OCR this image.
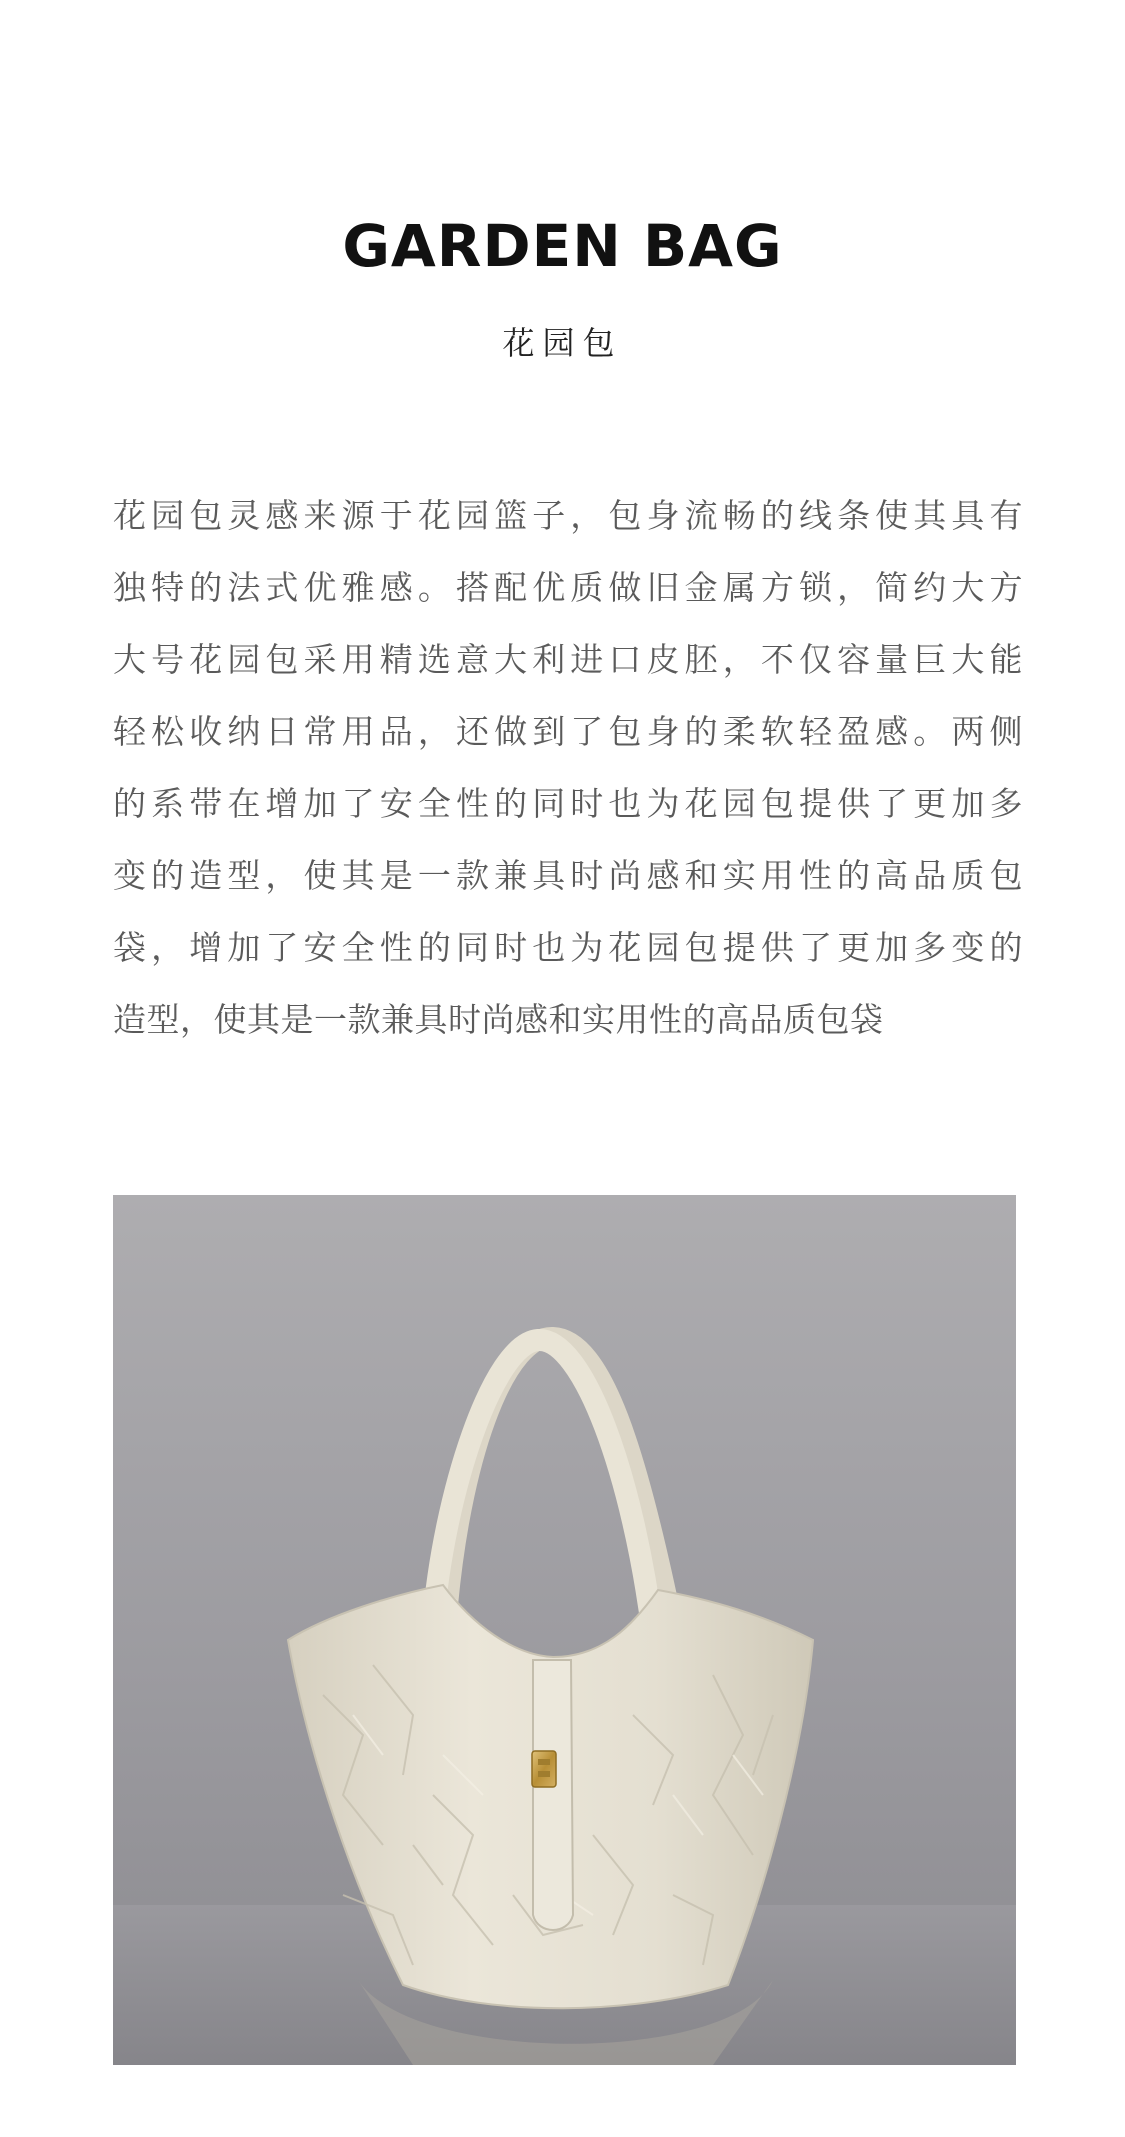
GARDEN BAG
花园包
花园包灵感来源于花园篮子，包身流畅的线条使其具有
独特的法式优雅感。搭配优质做旧金属方锁，简约大方
大号花园包采用精选意大利进口皮胚，不仅容量巨大能
轻松收纳日常用品，还做到了包身的柔软轻盈感。两侧
的系带在增加了安全性的同时也为花园包提供了更加多
变的造型，使其是一款兼具时尚感和实用性的高品质包
袋，增加了安全性的同时也为花园包提供了更加多变的
造型，使其是一款兼具时尚感和实用性的高品质包袋
